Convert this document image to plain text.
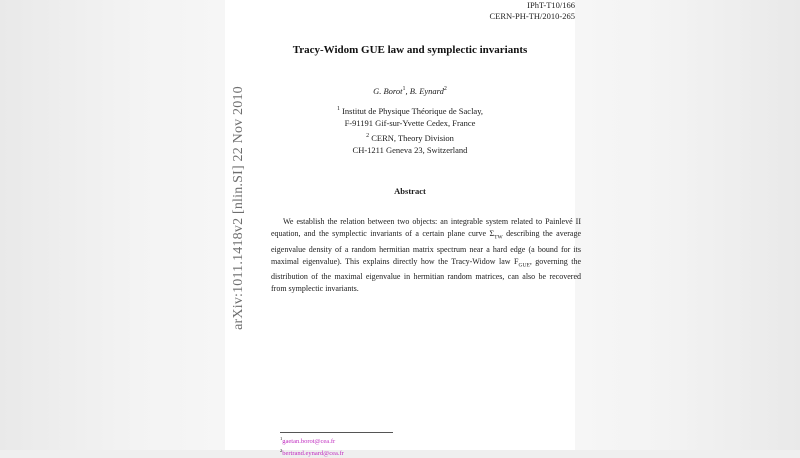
arXiv:1011.1418v2 [nlin.SI] 22 Nov 2010
IPhT-T10/166
CERN-PH-TH/2010-265
Tracy-Widom GUE law and symplectic invariants
G. Borot$^1$, B. Eynard$^2$
$^1$ Institut de Physique Théorique de Saclay,
F-91191 Gif-sur-Yvette Cedex, France
$^2$ CERN, Theory Division
CH-1211 Geneva 23, Switzerland
Abstract
We establish the relation between two objects: an integrable system related to Painlevé II equation, and the symplectic invariants of a certain plane curve $\Sigma_{TW}$ describing the average eigenvalue density of a random hermitian matrix spectrum near a hard edge (a bound for its maximal eigenvalue). This explains directly how the Tracy-Widow law $F_{GUE}$, governing the distribution of the maximal eigenvalue in hermitian random matrices, can also be recovered from symplectic invariants.
$^1$gaetan.borot@cea.fr
$^2$bertrand.eynard@cea.fr
